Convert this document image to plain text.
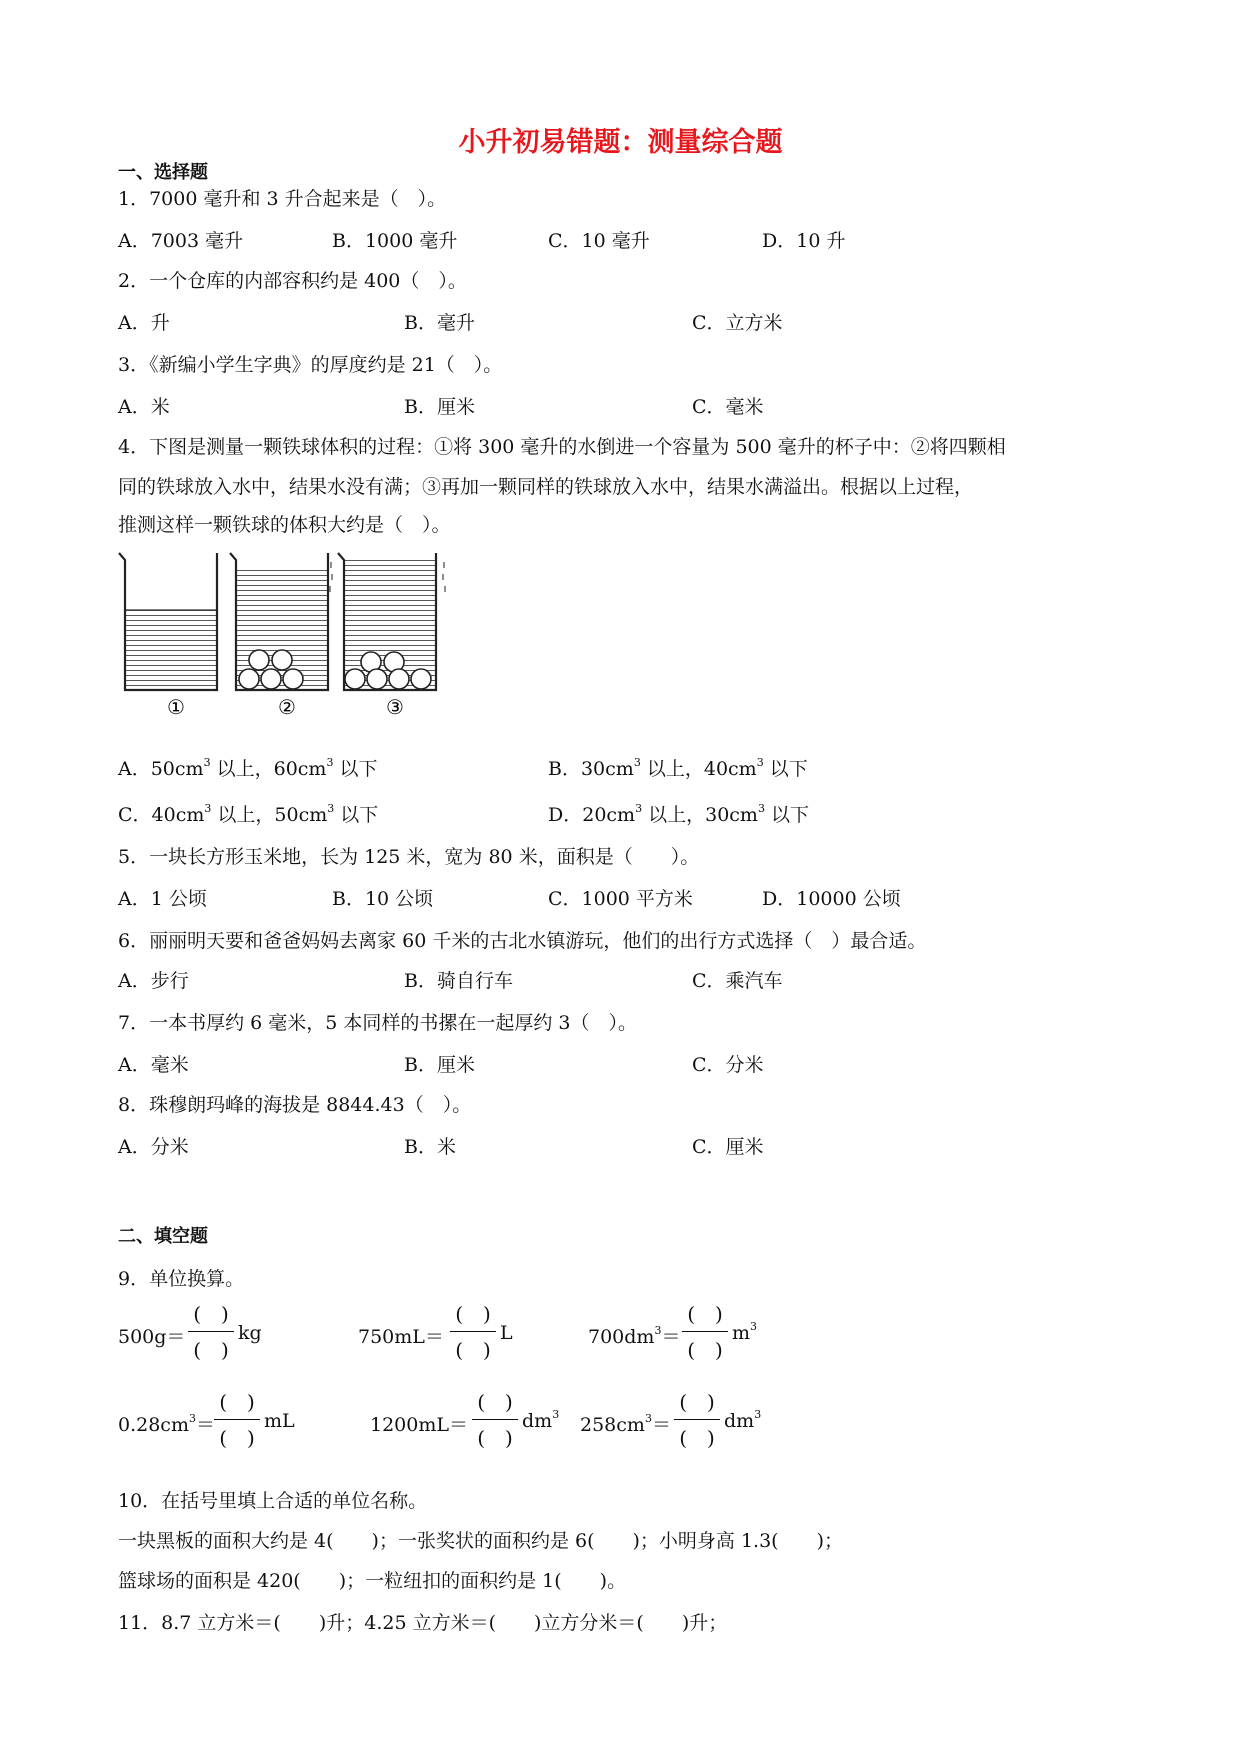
小升初易错题：测量综合题
一、选择题
1．7000 毫升和 3 升合起来是（　）。
A．7003 毫升	B．1000 毫升	C．10 毫升	D．10 升
2．一个仓库的内部容积约是 400（　）。
A．升	B．毫升	C．立方米
3．《新编小学生字典》的厚度约是 21（　）。
A．米	B．厘米	C．毫米
4．下图是测量一颗铁球体积的过程：①将 300 毫升的水倒进一个容量为 500 毫升的杯子中：②将四颗相
同的铁球放入水中，结果水没有满；③再加一颗同样的铁球放入水中，结果水满溢出。根据以上过程，
推测这样一颗铁球的体积大约是（　）。
①	②	③
A．$50cm^3$ 以上，$60cm^3$ 以下	B．$30cm^3$ 以上，$40cm^3$ 以下
C．$40cm^3$ 以上，$50cm^3$ 以下	D．$20cm^3$ 以上，$30cm^3$ 以下
5．一块长方形玉米地，长为 125 米，宽为 80 米，面积是（　　）。
A．1 公顷	B．10 公顷	C．1000 平方米	D．10000 公顷
6．丽丽明天要和爸爸妈妈去离家 60 千米的古北水镇游玩，他们的出行方式选择（　）最合适。
A．步行	B．骑自行车	C．乘汽车
7．一本书厚约 6 毫米，5 本同样的书摞在一起厚约 3（　）。
A．毫米	B．厘米	C．分米
8．珠穆朗玛峰的海拔是 8844.43（　）。
A．分米	B．米	C．厘米
二、填空题
9．单位换算。
500g＝
(　)
(　)
kg	750mL＝
(　)
(　)
L	$700dm^3=$
(　)
(　)
$m^3$
$0.28cm^3=$
(　)
(　)
mL	1200mL＝
(　)
(　)
$dm^3$ $258cm^3=$
(　)
(　)
$dm^3$
10．在括号里填上合适的单位名称。
一块黑板的面积大约是 4(　　)；一张奖状的面积约是 6(　　)；小明身高 1.3(　　)；
篮球场的面积是 420(　　)；一粒纽扣的面积约是 1(　　)。
11．8.7 立方米＝(　　)升；4.25 立方米＝(　　)立方分米＝(　　)升；
